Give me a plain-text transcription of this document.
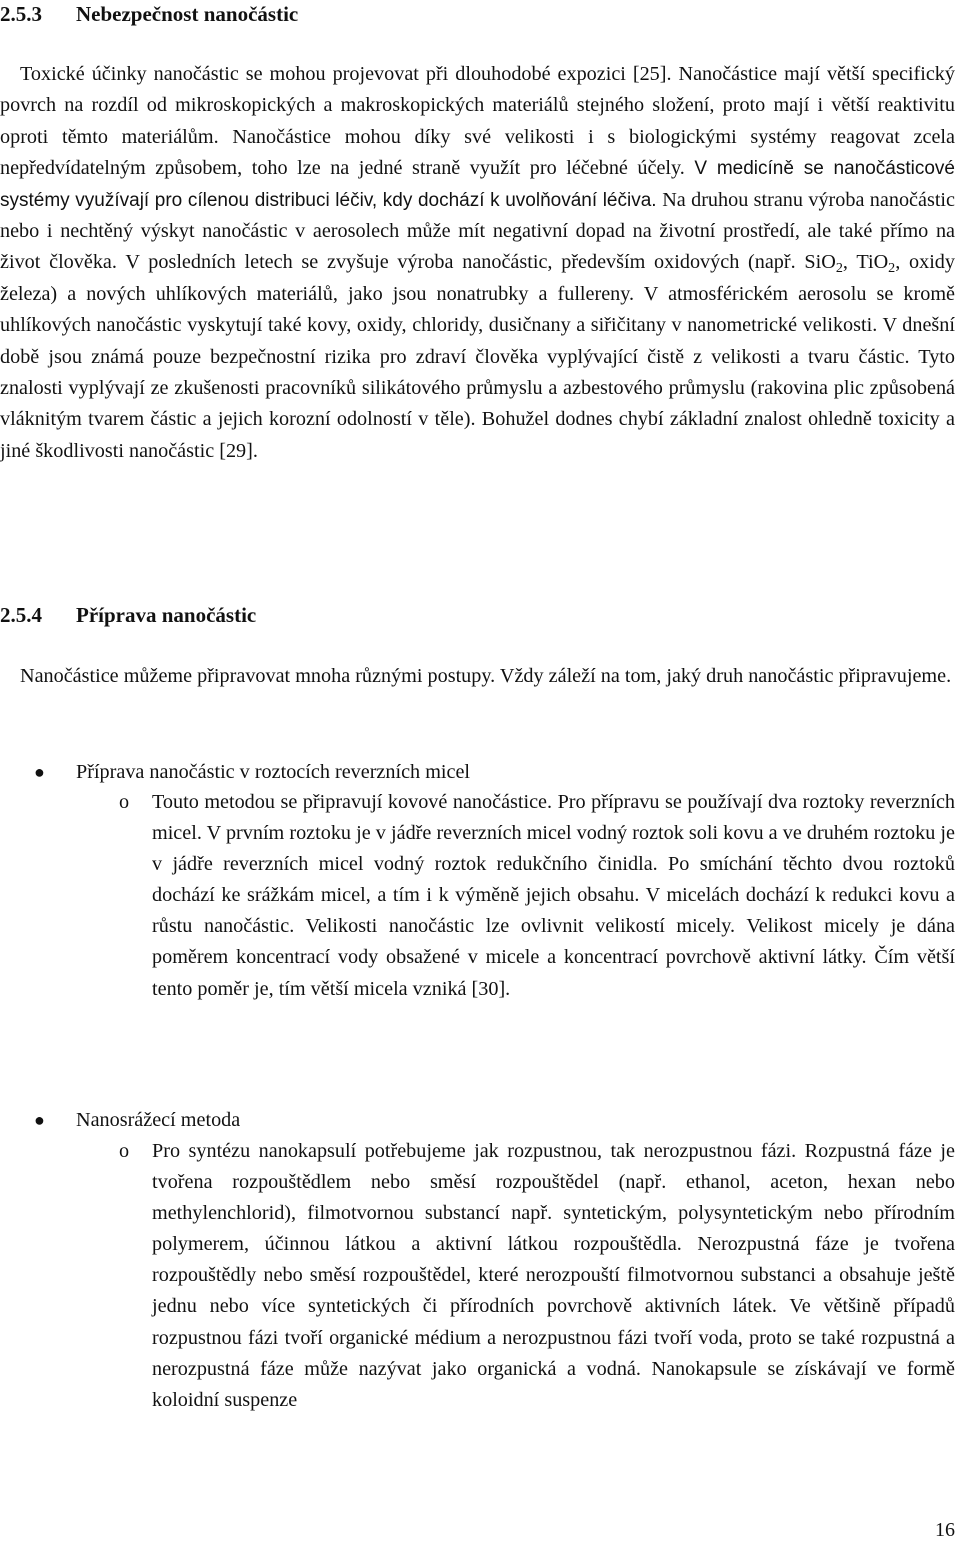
2.5.3 Nebezpečnost nanočástic

Toxické účinky nanočástic se mohou projevovat při dlouhodobé expozici [25]. Nanočástice mají větší specifický povrch na rozdíl od mikroskopických a makroskopických materiálů stejného složení, proto mají i větší reaktivitu oproti těmto materiálům. Nanočástice mohou díky své velikosti i s biologickými systémy reagovat zcela nepředvídatelným způsobem, toho lze na jedné straně využít pro léčebné účely. V medicíně se nanočásticové systémy využívají pro cílenou distribuci léčiv, kdy dochází k uvolňování léčiva. Na druhou stranu výroba nanočástic nebo i nechtěný výskyt nanočástic v aerosolech může mít negativní dopad na životní prostředí, ale také přímo na život člověka. V posledních letech se zvyšuje výroba nanočástic, především oxidových (např. SiO$_2$, TiO$_2$, oxidy železa) a nových uhlíkových materiálů, jako jsou nonatrubky a fullereny. V atmosférickém aerosolu se kromě uhlíkových nanočástic vyskytují také kovy, oxidy, chloridy, dusičnany a siřičitany v nanometrické velikosti. V dnešní době jsou známá pouze bezpečnostní rizika pro zdraví člověka vyplývající čistě z velikosti a tvaru částic. Tyto znalosti vyplývají ze zkušenosti pracovníků silikátového průmyslu a azbestového průmyslu (rakovina plic způsobená vláknitým tvarem částic a jejich korozní odolností v těle). Bohužel dodnes chybí základní znalost ohledně toxicity a jiné škodlivosti nanočástic [29].

2.5.4 Příprava nanočástic

Nanočástice můžeme připravovat mnoha různými postupy. Vždy záleží na tom, jaký druh nanočástic připravujeme.

● Příprava nanočástic v roztocích reverzních micel
o Touto metodou se připravují kovové nanočástice. Pro přípravu se používají dva roztoky reverzních micel. V prvním roztoku je v jádře reverzních micel vodný roztok soli kovu a ve druhém roztoku je v jádře reverzních micel vodný roztok redukčního činidla. Po smíchání těchto dvou roztoků dochází ke srážkám micel, a tím i k výměně jejich obsahu. V micelách dochází k redukci kovu a růstu nanočástic. Velikosti nanočástic lze ovlivnit velikostí micely. Velikost micely je dána poměrem koncentrací vody obsažené v micele a koncentrací povrchově aktivní látky. Čím větší tento poměr je, tím větší micela vzniká [30].

● Nanosrážecí metoda
o Pro syntézu nanokapsulí potřebujeme jak rozpustnou, tak nerozpustnou fázi. Rozpustná fáze je tvořena rozpouštědlem nebo směsí rozpouštědel (např. ethanol, aceton, hexan nebo methylenchlorid), filmotvornou substancí např. syntetickým, polysyntetickým nebo přírodním polymerem, účinnou látkou a aktivní látkou rozpouštědla. Nerozpustná fáze je tvořena rozpouštědly nebo směsí rozpouštědel, které nerozpouští filmotvornou substanci a obsahuje ještě jednu nebo více syntetických či přírodních povrchově aktivních látek. Ve většině případů rozpustnou fázi tvoří organické médium a nerozpustnou fázi tvoří voda, proto se také rozpustná a nerozpustná fáze může nazývat jako organická a vodná. Nanokapsule se získávají ve formě koloidní suspenze

16
